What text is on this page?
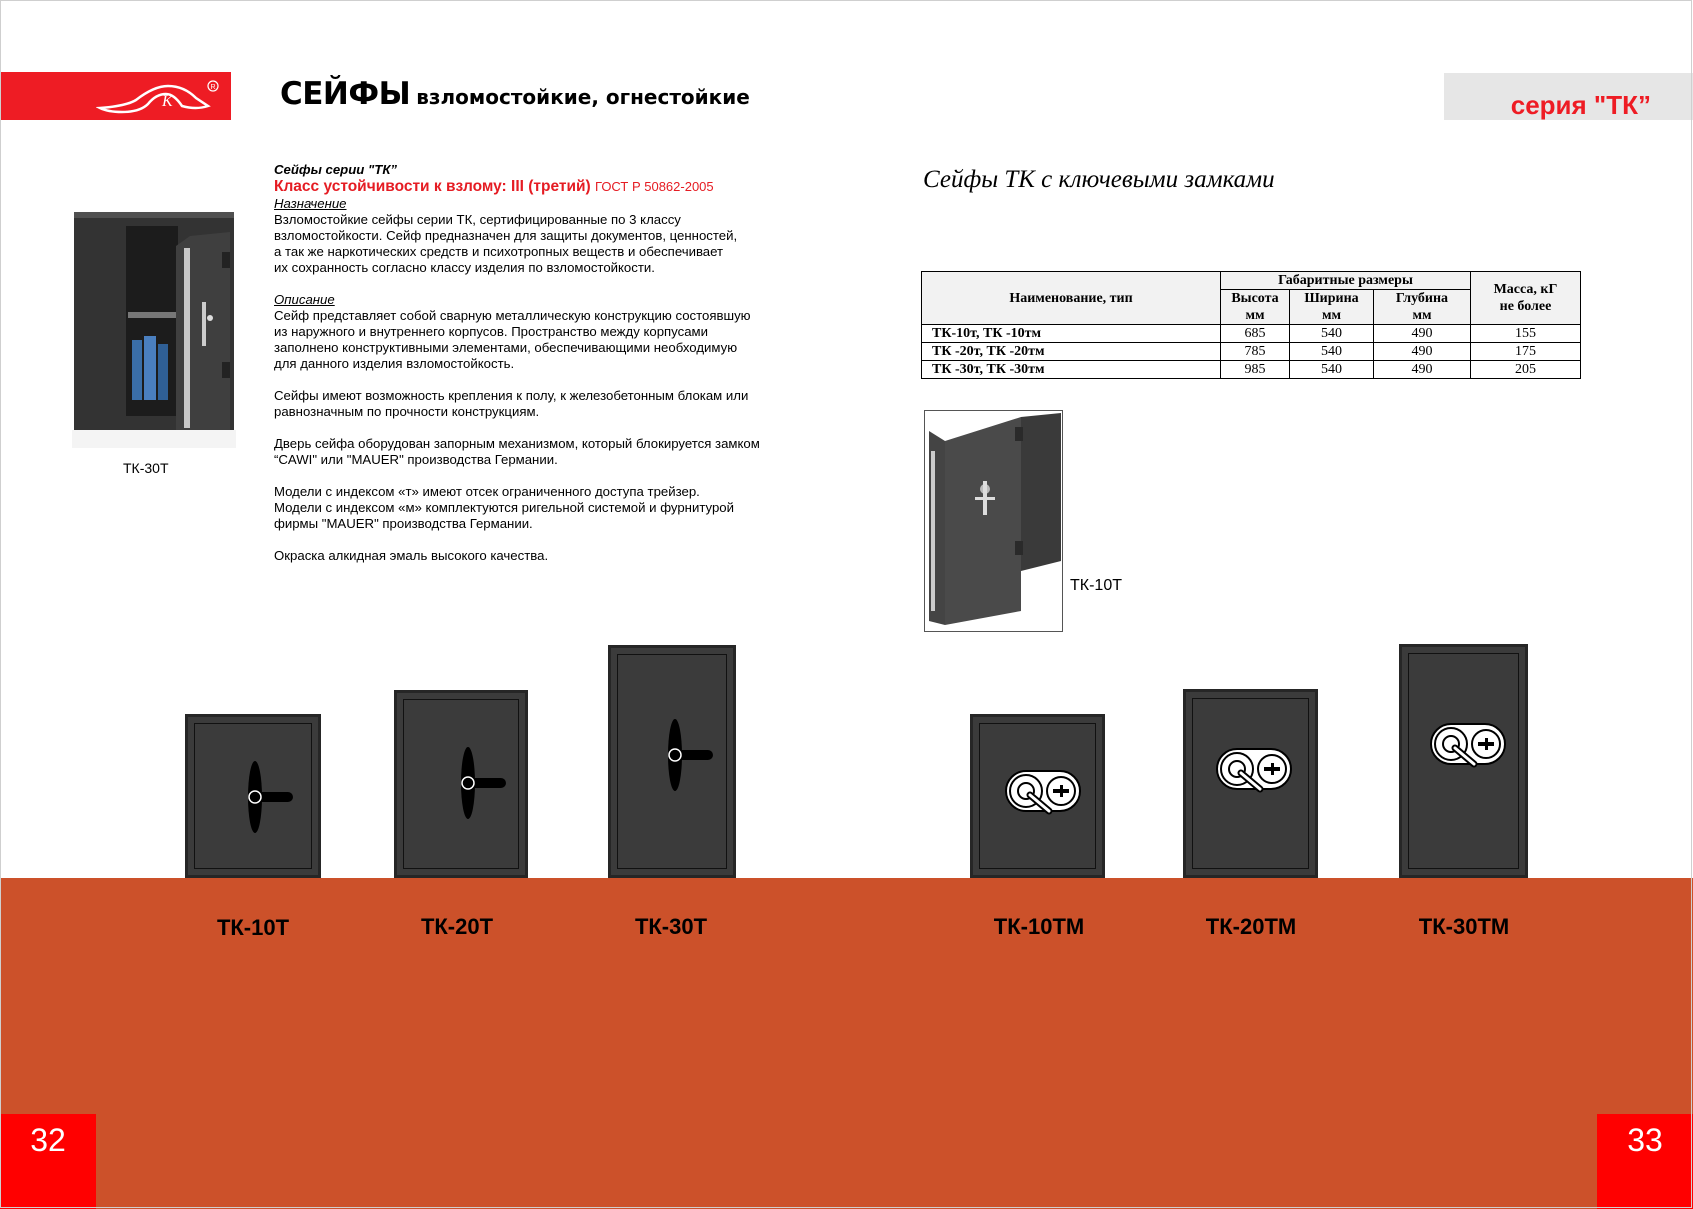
К
R СЕЙФЫ взломостойкие, огнестойкие	серия "ТК”
ТК-30Т

Сейфы серии "ТК”

Класс устойчивости к взлому: III (третий) ГОСТ Р 50862-2005

Назначение

Взломостойкие сейфы серии ТК, сертифицированные по 3 классу

взломостойкости. Сейф предназначен для защиты документов, ценностей,

а так же наркотических средств и психотропных веществ и обеспечивает

их сохранность согласно классу изделия по взломостойкости.

Описание

Сейф представляет собой сварную металлическую конструкцию состоявшую

из наружного и внутреннего корпусов. Пространство между корпусами

заполнено конструктивными элементами, обеспечивающими необходимую

для данного изделия взломостойкость.

Сейфы имеют возможность крепления к полу, к железобетонным блокам или

равнозначным по прочности конструкциям.

Дверь сейфа оборудован запорным механизмом, который блокируется замком

“CAWI" или "MAUER" производства Германии.

Модели с индексом «т» имеют отсек ограниченного доступа трейзер.

Модели с индексом «м» комплектуются ригельной системой и фурнитурой

фирмы "MAUER" производства Германии.

Окраска алкидная эмаль высокого качества.

Сейфы ТК с ключевыми замками
Наименование, тип	Габаритные размеры			Масса, кГ
не более
	Высота
мм	Ширина
мм	Глубина
мм	
ТК-10т, ТК -10тм	685	540	490	155
ТК -20т, ТК -20тм	785	540	490	175
ТК -30т, ТК -30тм	985	540	490	205
ТК-10Т
ТК-10Т	ТК-20Т	ТК-30Т	ТК-10ТМ	ТК-20ТМ	ТК-30ТМ
32	33
